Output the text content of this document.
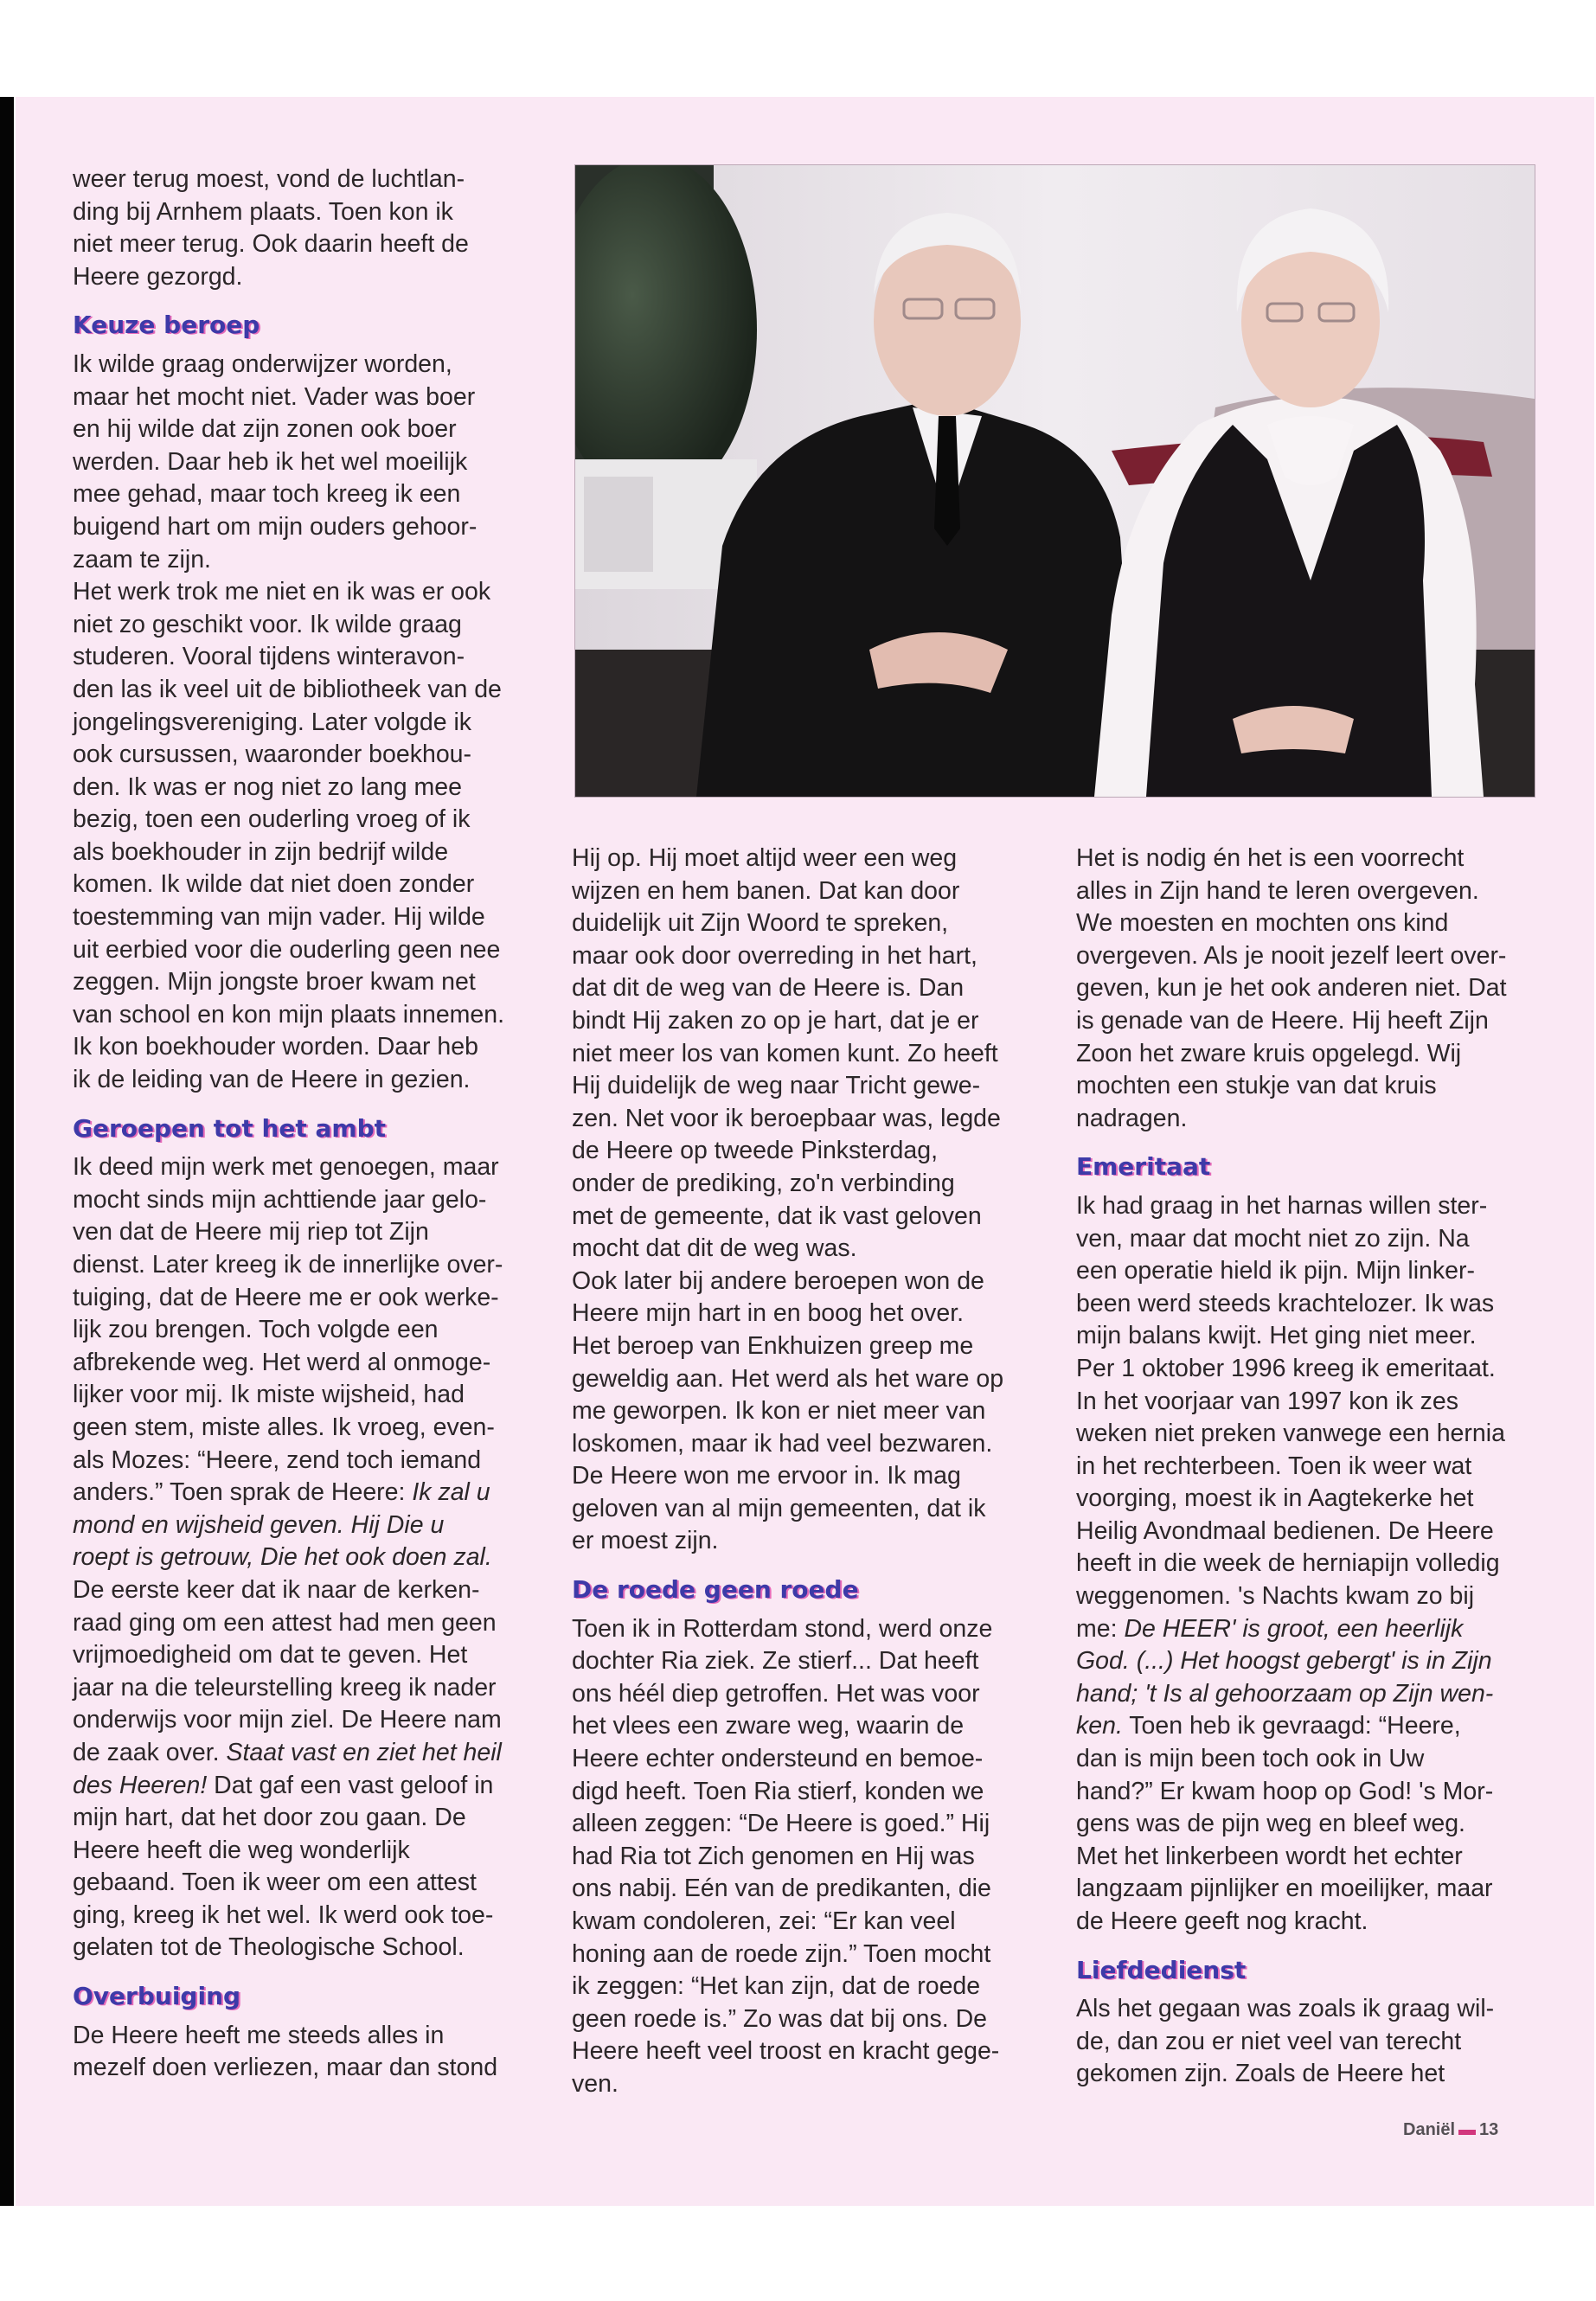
weer terug moest, vond de luchtlan-
ding bij Arnhem plaats. Toen kon ik
niet meer terug. Ook daarin heeft de
Heere gezorgd.

Keuze beroep

Ik wilde graag onderwijzer worden,
maar het mocht niet. Vader was boer
en hij wilde dat zijn zonen ook boer
werden. Daar heb ik het wel moeilijk
mee gehad, maar toch kreeg ik een
buigend hart om mijn ouders gehoor-
zaam te zijn.
Het werk trok me niet en ik was er ook
niet zo geschikt voor. Ik wilde graag
studeren. Vooral tijdens winteravon-
den las ik veel uit de bibliotheek van de
jongelingsvereniging. Later volgde ik
ook cursussen, waaronder boekhou-
den. Ik was er nog niet zo lang mee
bezig, toen een ouderling vroeg of ik
als boekhouder in zijn bedrijf wilde
komen. Ik wilde dat niet doen zonder
toestemming van mijn vader. Hij wilde
uit eerbied voor die ouderling geen nee
zeggen. Mijn jongste broer kwam net
van school en kon mijn plaats innemen.
Ik kon boekhouder worden. Daar heb
ik de leiding van de Heere in gezien.

Geroepen tot het ambt

Ik deed mijn werk met genoegen, maar
mocht sinds mijn achttiende jaar gelo-
ven dat de Heere mij riep tot Zijn
dienst. Later kreeg ik de innerlijke over-
tuiging, dat de Heere me er ook werke-
lijk zou brengen. Toch volgde een
afbrekende weg. Het werd al onmoge-
lijker voor mij. Ik miste wijsheid, had
geen stem, miste alles. Ik vroeg, even-
als Mozes: “Heere, zend toch iemand
anders.” Toen sprak de Heere: Ik zal u
mond en wijsheid geven. Hij Die u
roept is getrouw, Die het ook doen zal.
De eerste keer dat ik naar de kerken-
raad ging om een attest had men geen
vrijmoedigheid om dat te geven. Het
jaar na die teleurstelling kreeg ik nader
onderwijs voor mijn ziel. De Heere nam
de zaak over. Staat vast en ziet het heil
des Heeren! Dat gaf een vast geloof in
mijn hart, dat het door zou gaan. De
Heere heeft die weg wonderlijk
gebaand. Toen ik weer om een attest
ging, kreeg ik het wel. Ik werd ook toe-
gelaten tot de Theologische School.

Overbuiging

De Heere heeft me steeds alles in
mezelf doen verliezen, maar dan stond

Hij op. Hij moet altijd weer een weg
wijzen en hem banen. Dat kan door
duidelijk uit Zijn Woord te spreken,
maar ook door overreding in het hart,
dat dit de weg van de Heere is. Dan
bindt Hij zaken zo op je hart, dat je er
niet meer los van komen kunt. Zo heeft
Hij duidelijk de weg naar Tricht gewe-
zen. Net voor ik beroepbaar was, legde
de Heere op tweede Pinksterdag,
onder de prediking, zo'n verbinding
met de gemeente, dat ik vast geloven
mocht dat dit de weg was.
Ook later bij andere beroepen won de
Heere mijn hart in en boog het over.
Het beroep van Enkhuizen greep me
geweldig aan. Het werd als het ware op
me geworpen. Ik kon er niet meer van
loskomen, maar ik had veel bezwaren.
De Heere won me ervoor in. Ik mag
geloven van al mijn gemeenten, dat ik
er moest zijn.

De roede geen roede

Toen ik in Rotterdam stond, werd onze
dochter Ria ziek. Ze stierf... Dat heeft
ons héél diep getroffen. Het was voor
het vlees een zware weg, waarin de
Heere echter ondersteund en bemoe-
digd heeft. Toen Ria stierf, konden we
alleen zeggen: “De Heere is goed.” Hij
had Ria tot Zich genomen en Hij was
ons nabij. Eén van de predikanten, die
kwam condoleren, zei: “Er kan veel
honing aan de roede zijn.” Toen mocht
ik zeggen: “Het kan zijn, dat de roede
geen roede is.” Zo was dat bij ons. De
Heere heeft veel troost en kracht gege-
ven.

Het is nodig én het is een voorrecht
alles in Zijn hand te leren overgeven.
We moesten en mochten ons kind
overgeven. Als je nooit jezelf leert over-
geven, kun je het ook anderen niet. Dat
is genade van de Heere. Hij heeft Zijn
Zoon het zware kruis opgelegd. Wij
mochten een stukje van dat kruis
nadragen.

Emeritaat

Ik had graag in het harnas willen ster-
ven, maar dat mocht niet zo zijn. Na
een operatie hield ik pijn. Mijn linker-
been werd steeds krachtelozer. Ik was
mijn balans kwijt. Het ging niet meer.
Per 1 oktober 1996 kreeg ik emeritaat.
In het voorjaar van 1997 kon ik zes
weken niet preken vanwege een hernia
in het rechterbeen. Toen ik weer wat
voorging, moest ik in Aagtekerke het
Heilig Avondmaal bedienen. De Heere
heeft in die week de herniapijn volledig
weggenomen. 's Nachts kwam zo bij
me: De HEER' is groot, een heerlijk
God. (...) Het hoogst gebergt' is in Zijn
hand; 't Is al gehoorzaam op Zijn wen-
ken. Toen heb ik gevraagd: “Heere,
dan is mijn been toch ook in Uw
hand?” Er kwam hoop op God! 's Mor-
gens was de pijn weg en bleef weg.
Met het linkerbeen wordt het echter
langzaam pijnlijker en moeilijker, maar
de Heere geeft nog kracht.

Liefdedienst

Als het gegaan was zoals ik graag wil-
de, dan zou er niet veel van terecht
gekomen zijn. Zoals de Heere het

Daniël ▬ 13
